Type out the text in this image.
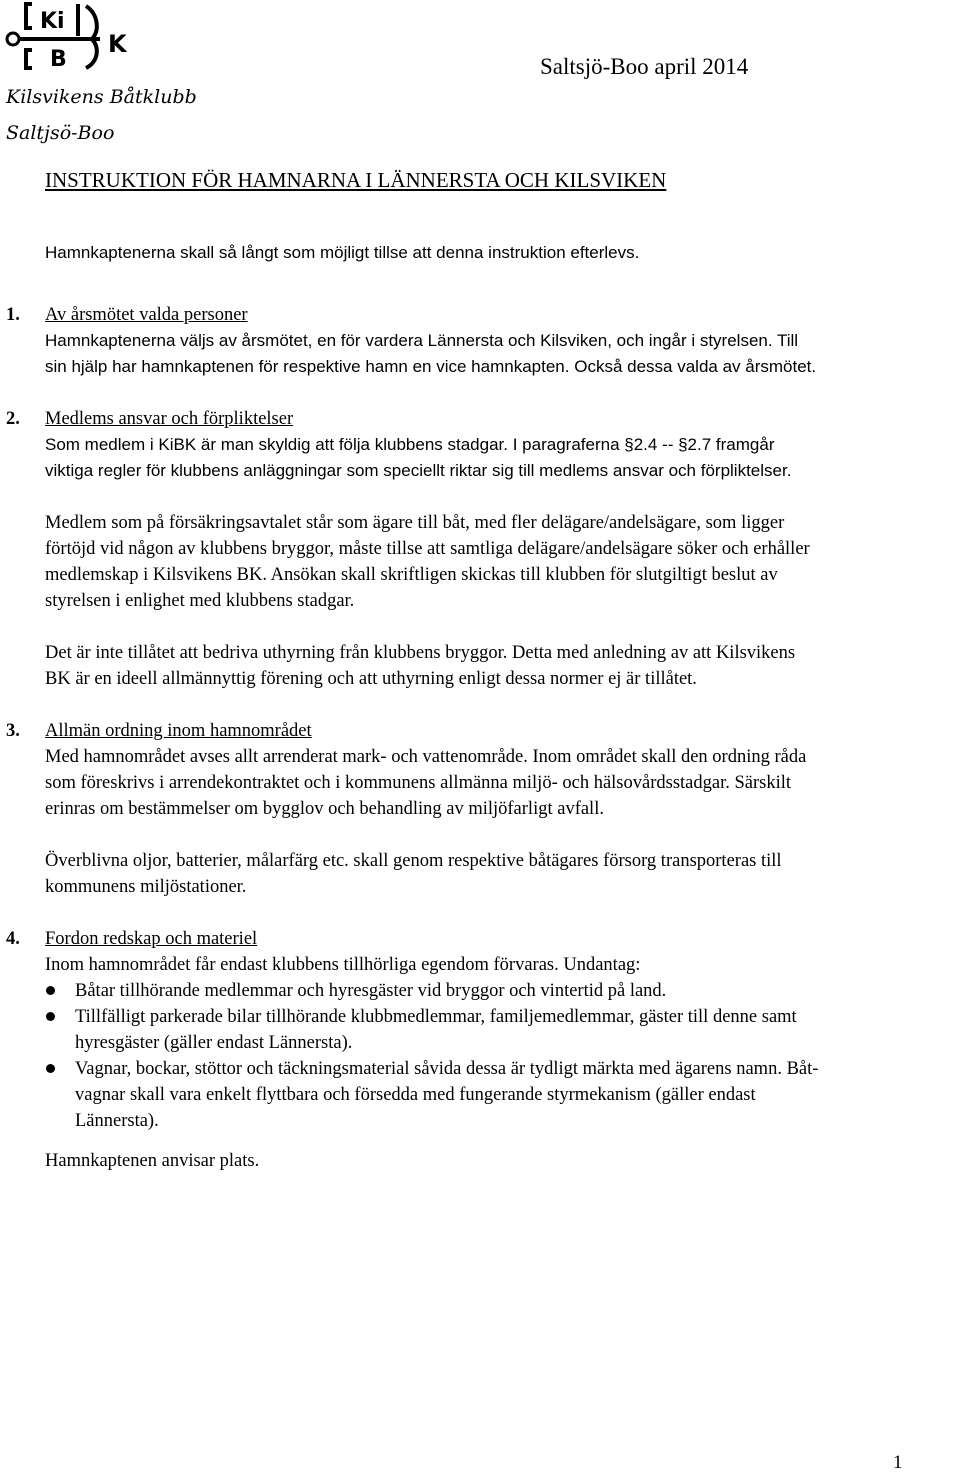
Ki
B
K
Kilsvikens Båtklubb
Saltjsö-Boo
Saltsjö-Boo april 2014
INSTRUKTION FÖR HAMNARNA I LÄNNERSTA OCH KILSVIKEN
Hamnkaptenerna skall så långt som möjligt tillse att denna instruktion efterlevs.
1. Av årsmötet valda personer
Hamnkaptenerna väljs av årsmötet, en för vardera Lännersta och Kilsviken, och ingår i styrelsen. Till
sin hjälp har hamnkaptenen för respektive hamn en vice hamnkapten. Också dessa valda av årsmötet.
2. Medlems ansvar och förpliktelser
Som medlem i KiBK är man skyldig att följa klubbens stadgar. I paragraferna §2.4 -- §2.7 framgår
viktiga regler för klubbens anläggningar som speciellt riktar sig till medlems ansvar och förpliktelser.
Medlem som på försäkringsavtalet står som ägare till båt, med fler delägare/andelsägare, som ligger
förtöjd vid någon av klubbens bryggor, måste tillse att samtliga delägare/andelsägare söker och erhåller
medlemskap i Kilsvikens BK. Ansökan skall skriftligen skickas till klubben för slutgiltigt beslut av
styrelsen i enlighet med klubbens stadgar.
Det är inte tillåtet att bedriva uthyrning från klubbens bryggor. Detta med anledning av att Kilsvikens
BK är en ideell allmännyttig förening och att uthyrning enligt dessa normer ej är tillåtet.
3. Allmän ordning inom hamnområdet
Med hamnområdet avses allt arrenderat mark- och vattenområde. Inom området skall den ordning råda
som föreskrivs i arrendekontraktet och i kommunens allmänna miljö- och hälsovårdsstadgar. Särskilt
erinras om bestämmelser om bygglov och behandling av miljöfarligt avfall.
Överblivna oljor, batterier, målarfärg etc. skall genom respektive båtägares försorg transporteras till
kommunens miljöstationer.
4. Fordon redskap och materiel
Inom hamnområdet får endast klubbens tillhörliga egendom förvaras. Undantag:
Båtar tillhörande medlemmar och hyresgäster vid bryggor och vintertid på land.
Tillfälligt parkerade bilar tillhörande klubbmedlemmar, familjemedlemmar, gäster till denne samt
hyresgäster (gäller endast Lännersta).
Vagnar, bockar, stöttor och täckningsmaterial såvida dessa är tydligt märkta med ägarens namn. Båt-
vagnar skall vara enkelt flyttbara och försedda med fungerande styrmekanism (gäller endast
Lännersta).
Hamnkaptenen anvisar plats.
1
